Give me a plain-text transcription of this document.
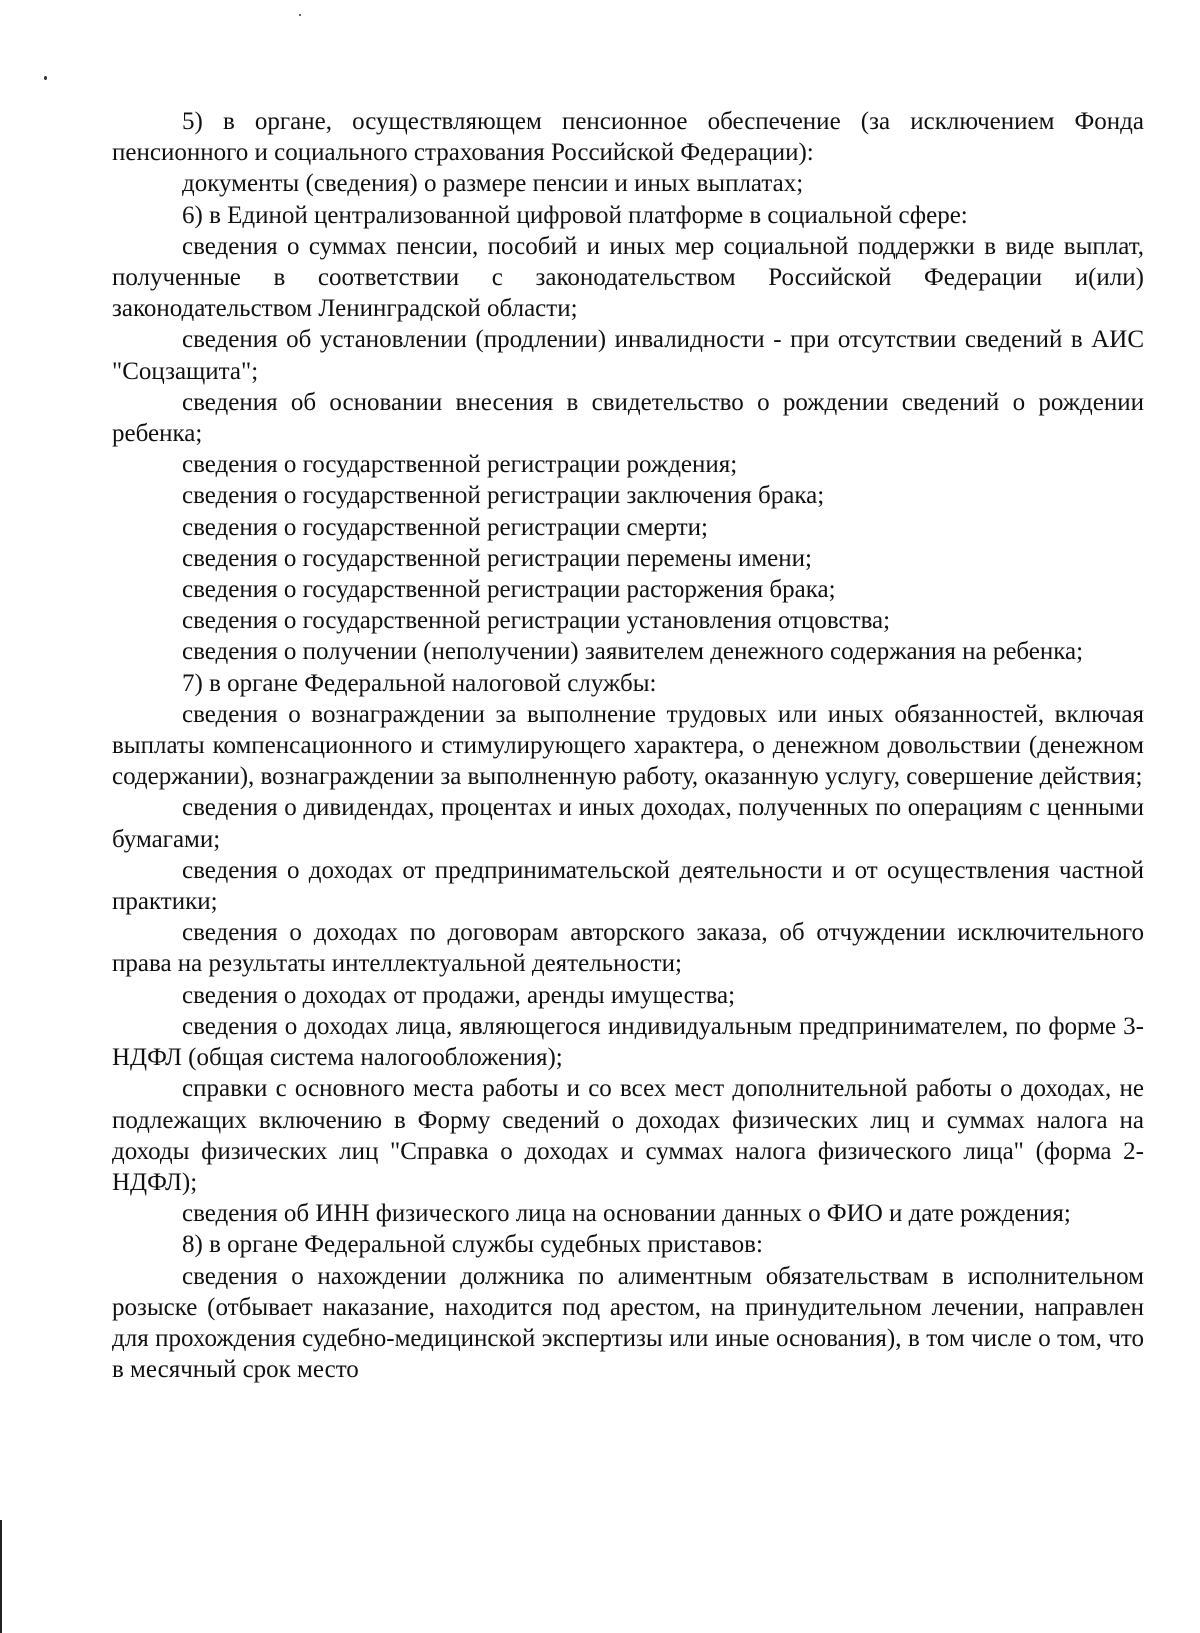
5) в органе, осуществляющем пенсионное обеспечение (за исключением Фонда пенсионного и социального страхования Российской Федерации):

документы (сведения) о размере пенсии и иных выплатах;

6) в Единой централизованной цифровой платформе в социальной сфере:

сведения о суммах пенсии, пособий и иных мер социальной поддержки в виде выплат, полученные в соответствии с законодательством Российской Федерации и(или) законодательством Ленинградской области;

сведения об установлении (продлении) инвалидности - при отсутствии сведений в АИС "Соцзащита";

сведения об основании внесения в свидетельство о рождении сведений о рождении ребенка;

сведения о государственной регистрации рождения;

сведения о государственной регистрации заключения брака;

сведения о государственной регистрации смерти;

сведения о государственной регистрации перемены имени;

сведения о государственной регистрации расторжения брака;

сведения о государственной регистрации установления отцовства;

сведения о получении (неполучении) заявителем денежного содержания на ребенка;

7) в органе Федеральной налоговой службы:

сведения о вознаграждении за выполнение трудовых или иных обязанностей, включая выплаты компенсационного и стимулирующего характера, о денежном довольствии (денежном содержании), вознаграждении за выполненную работу, оказанную услугу, совершение действия;

сведения о дивидендах, процентах и иных доходах, полученных по операциям с ценными бумагами;

сведения о доходах от предпринимательской деятельности и от осуществления частной практики;

сведения о доходах по договорам авторского заказа, об отчуждении исключительного права на результаты интеллектуальной деятельности;

сведения о доходах от продажи, аренды имущества;

сведения о доходах лица, являющегося индивидуальным предпринимателем, по форме 3-НДФЛ (общая система налогообложения);

справки с основного места работы и со всех мест дополнительной работы о доходах, не подлежащих включению в Форму сведений о доходах физических лиц и суммах налога на доходы физических лиц "Справка о доходах и суммах налога физического лица" (форма 2-НДФЛ);

сведения об ИНН физического лица на основании данных о ФИО и дате рождения;

8) в органе Федеральной службы судебных приставов:

сведения о нахождении должника по алиментным обязательствам в исполнительном розыске (отбывает наказание, находится под арестом, на принудительном лечении, направлен для прохождения судебно-медицинской экспертизы или иные основания), в том числе о том, что в месячный срок место
